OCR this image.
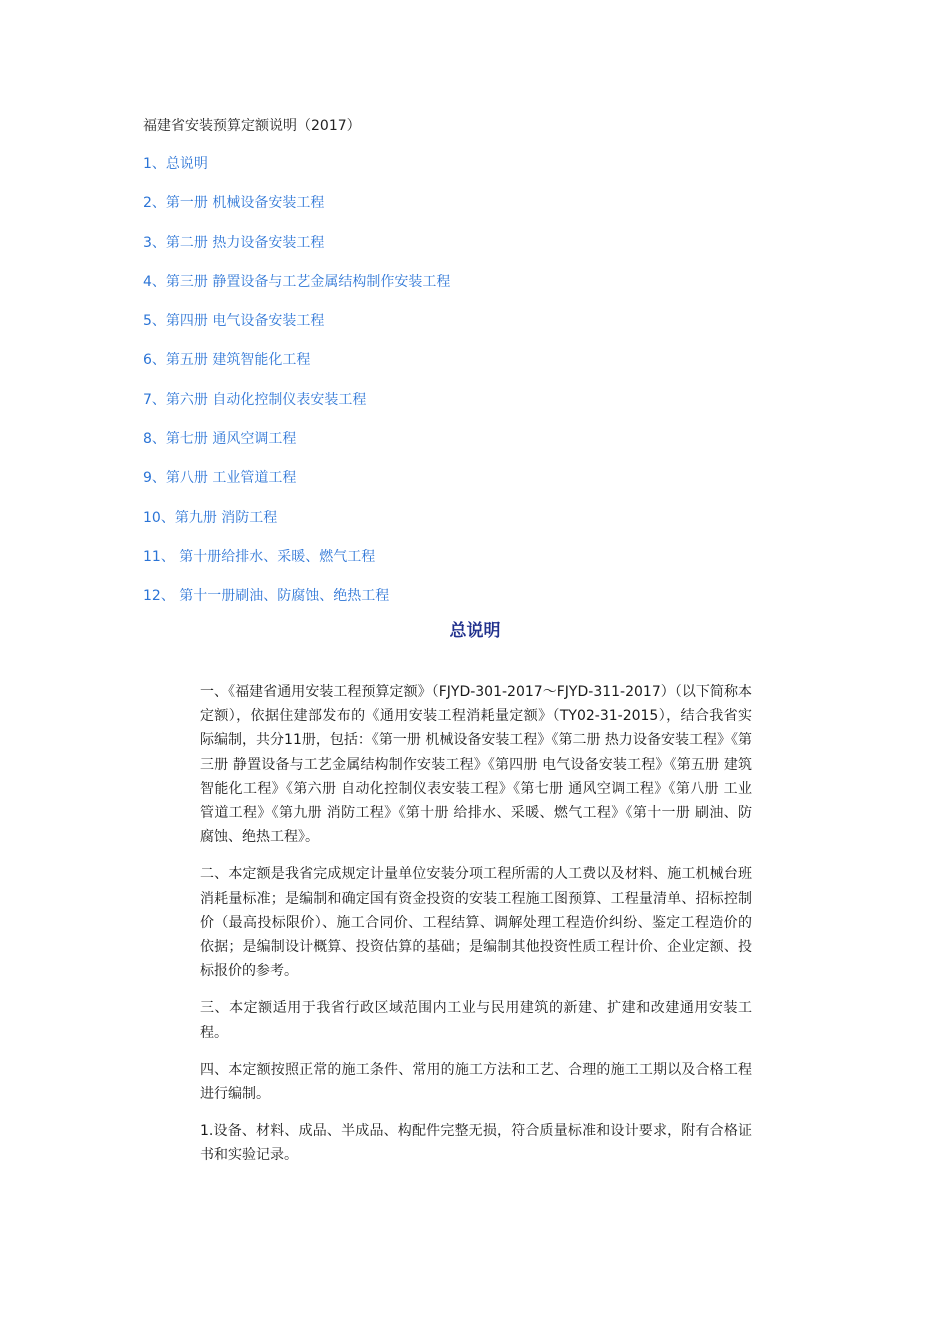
福建省安装预算定额说明（2017）
1、总说明
2、第一册 机械设备安装工程
3、第二册 热力设备安装工程
4、第三册 静置设备与工艺金属结构制作安装工程
5、第四册 电气设备安装工程
6、第五册 建筑智能化工程
7、第六册 自动化控制仪表安装工程
8、第七册 通风空调工程
9、第八册 工业管道工程
10、第九册 消防工程
11、 第十册给排水、采暖、燃气工程
12、 第十一册刷油、防腐蚀、绝热工程
总说明

一、《福建省通用安装工程预算定额》（FJYD-301-2017～FJYD-311-2017）（以下简称本定额），依据住建部发布的《通用安装工程消耗量定额》（TY02-31-2015），结合我省实际编制，共分11册，包括：《第一册 机械设备安装工程》《第二册 热力设备安装工程》《第三册 静置设备与工艺金属结构制作安装工程》《第四册 电气设备安装工程》《第五册 建筑智能化工程》《第六册 自动化控制仪表安装工程》《第七册 通风空调工程》《第八册 工业管道工程》《第九册 消防工程》《第十册 给排水、采暖、燃气工程》《第十一册 刷油、防腐蚀、绝热工程》。

二、本定额是我省完成规定计量单位安装分项工程所需的人工费以及材料、施工机械台班消耗量标准；是编制和确定国有资金投资的安装工程施工图预算、工程量清单、招标控制价（最高投标限价）、施工合同价、工程结算、调解处理工程造价纠纷、鉴定工程造价的依据；是编制设计概算、投资估算的基础；是编制其他投资性质工程计价、企业定额、投标报价的参考。

三、本定额适用于我省行政区域范围内工业与民用建筑的新建、扩建和改建通用安装工程。

四、本定额按照正常的施工条件、常用的施工方法和工艺、合理的施工工期以及合格工程进行编制。

1.设备、材料、成品、半成品、构配件完整无损，符合质量标准和设计要求，附有合格证书和实验记录。
